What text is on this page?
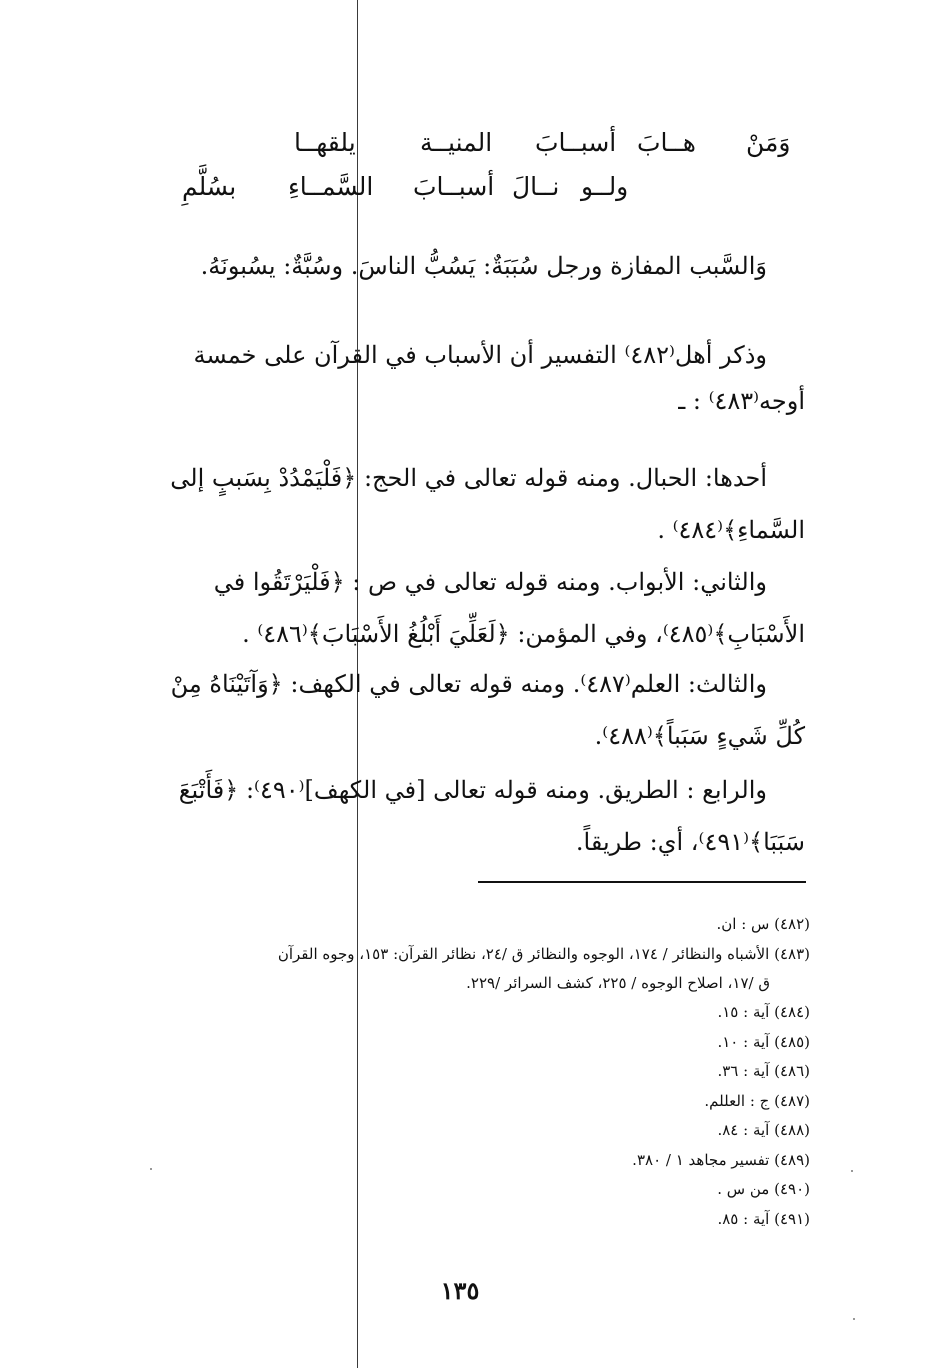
وَمَنْ
هــابَ
أسبــابَ
المنيــة
يلقهــا
ولــو
نــالَ
أسبــابَ
السَّمــاءِ
بسُلَّمِ
وَالسَّبب المفازة ورجل سُبَبَةٌ: يَسُبُّ الناسَ. وسُبَّةٌ: يسُبونَهُ.
وذكر أهل⁽٤٨٢⁾ التفسير أن الأسباب في القرآن على خمسة
أوجه⁽٤٨٣⁾ : ـ
أحدها: الحبال. ومنه قوله تعالى في الحج: ﴿فَلْيَمْدُدْ بِسَببٍ إلى
السَّماءِ﴾⁽٤٨٤⁾ .
والثاني: الأبواب. ومنه قوله تعالى في ص : ﴿فَلْيَرْتَقُوا في
الأَسْبَابِ﴾⁽٤٨٥⁾، وفي المؤمن: ﴿لَعَلِّيَ أَبْلُغُ الأَسْبَابَ﴾⁽٤٨٦⁾ .
والثالث: العلم⁽٤٨٧⁾. ومنه قوله تعالى في الكهف: ﴿وَآتَيْنَاهُ مِنْ
كُلِّ شَيءٍ سَبَباً﴾⁽٤٨٨⁾.
والرابع : الطريق. ومنه قوله تعالى [في الكهف]⁽٤٩٠⁾: ﴿فَأَتْبَعَ
سَبَبَا﴾⁽٤٩١⁾، أي: طريقاً.
(٤٨٢) س : ان.
(٤٨٣) الأشباه والنظائر / ١٧٤، الوجوه والنظائر ق /٢٤، نظائر القرآن: ١٥٣، وجوه القرآن
ق /١٧، اصلاح الوجوه / ٢٢٥، كشف السرائر /٢٢٩.
(٤٨٤) آية : ١٥.
(٤٨٥) آية : ١٠.
(٤٨٦) آية : ٣٦.
(٤٨٧) ج : العللم.
(٤٨٨) آية : ٨٤.
(٤٨٩) تفسير مجاهد ١ / ٣٨٠.
(٤٩٠) من س .
(٤٩١) آية : ٨٥.
١٣٥
